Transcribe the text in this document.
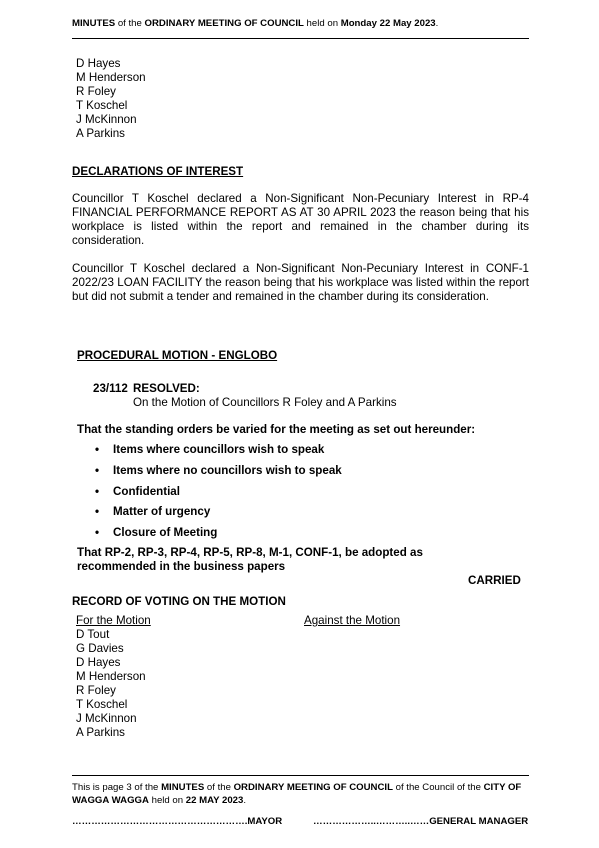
MINUTES of the ORDINARY MEETING OF COUNCIL held on Monday 22 May 2023.
D Hayes
M Henderson
R Foley
T Koschel
J McKinnon
A Parkins
DECLARATIONS OF INTEREST
Councillor T Koschel declared a Non-Significant Non-Pecuniary Interest in RP-4 FINANCIAL PERFORMANCE REPORT AS AT 30 APRIL 2023 the reason being that his workplace is listed within the report and remained in the chamber during its consideration.
Councillor T Koschel declared a Non-Significant Non-Pecuniary Interest in CONF-1 2022/23 LOAN FACILITY the reason being that his workplace was listed within the report but did not submit a tender and remained in the chamber during its consideration.
PROCEDURAL MOTION - ENGLOBO
23/112 RESOLVED:
On the Motion of Councillors R Foley and A Parkins
That the standing orders be varied for the meeting as set out hereunder:
• Items where councillors wish to speak
• Items where no councillors wish to speak
• Confidential
• Matter of urgency
• Closure of Meeting
That RP-2, RP-3, RP-4, RP-5, RP-8, M-1, CONF-1, be adopted as
recommended in the business papers
CARRIED
RECORD OF VOTING ON THE MOTION
For the Motion	Against the Motion
D Tout
G Davies
D Hayes
M Henderson
R Foley
T Koschel
J McKinnon
A Parkins
This is page 3 of the MINUTES of the ORDINARY MEETING OF COUNCIL of the Council of the CITY OF WAGGA WAGGA held on 22 MAY 2023.
……………………………………………….MAYOR	………………..………..……GENERAL MANAGER
